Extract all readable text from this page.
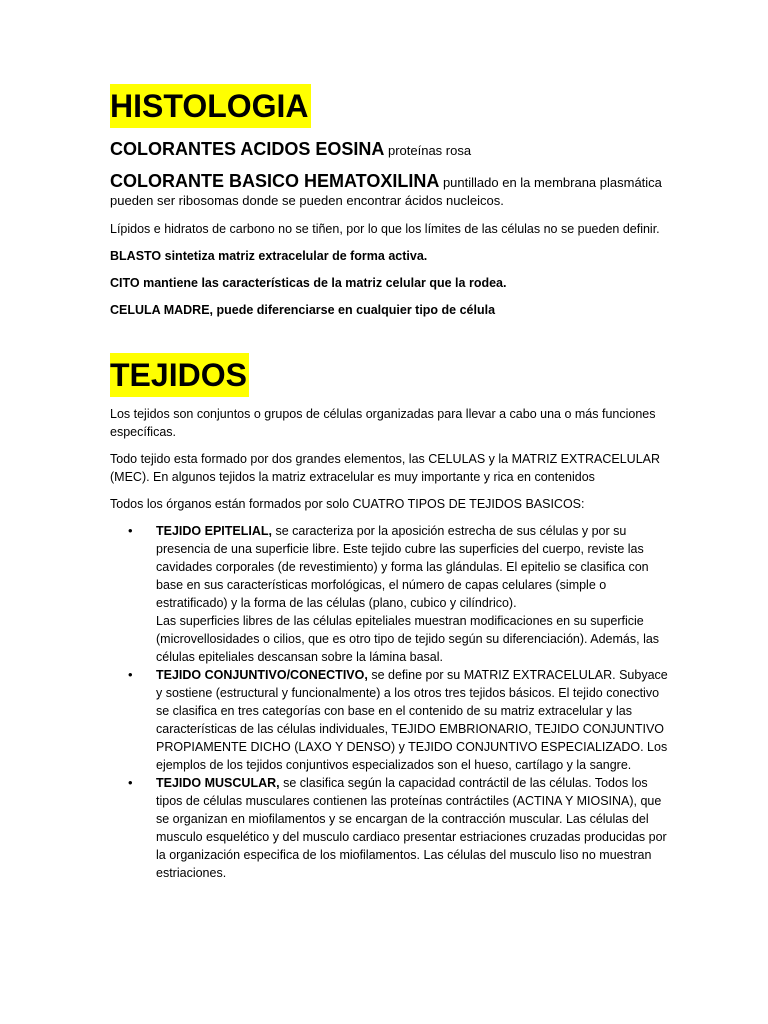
HISTOLOGIA

COLORANTES ACIDOS EOSINA proteínas rosa

COLORANTE BASICO HEMATOXILINA puntillado en la membrana plasmática pueden ser ribosomas donde se pueden encontrar ácidos nucleicos.

Lípidos e hidratos de carbono no se tiñen, por lo que los límites de las células no se pueden definir.

BLASTO sintetiza matriz extracelular de forma activa.

CITO mantiene las características de la matriz celular que la rodea.

CELULA MADRE, puede diferenciarse en cualquier tipo de célula

TEJIDOS

Los tejidos son conjuntos o grupos de células organizadas para llevar a cabo una o más funciones específicas.

Todo tejido esta formado por dos grandes elementos, las CELULAS y la MATRIZ EXTRACELULAR (MEC). En algunos tejidos la matriz extracelular es muy importante y rica en contenidos

Todos los órganos están formados por solo CUATRO TIPOS DE TEJIDOS BASICOS:

• TEJIDO EPITELIAL, se caracteriza por la aposición estrecha de sus células y por su presencia de una superficie libre. Este tejido cubre las superficies del cuerpo, reviste las cavidades corporales (de revestimiento) y forma las glándulas. El epitelio se clasifica con base en sus características morfológicas, el número de capas celulares (simple o estratificado) y la forma de las células (plano, cubico y cilíndrico).
Las superficies libres de las células epiteliales muestran modificaciones en su superficie (microvellosidades o cilios, que es otro tipo de tejido según su diferenciación). Además, las células epiteliales descansan sobre la lámina basal.
• TEJIDO CONJUNTIVO/CONECTIVO, se define por su MATRIZ EXTRACELULAR. Subyace y sostiene (estructural y funcionalmente) a los otros tres tejidos básicos. El tejido conectivo se clasifica en tres categorías con base en el contenido de su matriz extracelular y las características de las células individuales, TEJIDO EMBRIONARIO, TEJIDO CONJUNTIVO PROPIAMENTE DICHO (LAXO Y DENSO) y TEJIDO CONJUNTIVO ESPECIALIZADO. Los ejemplos de los tejidos conjuntivos especializados son el hueso, cartílago y la sangre.
• TEJIDO MUSCULAR, se clasifica según la capacidad contráctil de las células. Todos los tipos de células musculares contienen las proteínas contráctiles (ACTINA Y MIOSINA), que se organizan en miofilamentos y se encargan de la contracción muscular. Las células del musculo esquelético y del musculo cardiaco presentar estriaciones cruzadas producidas por la organización especifica de los miofilamentos. Las células del musculo liso no muestran estriaciones.
